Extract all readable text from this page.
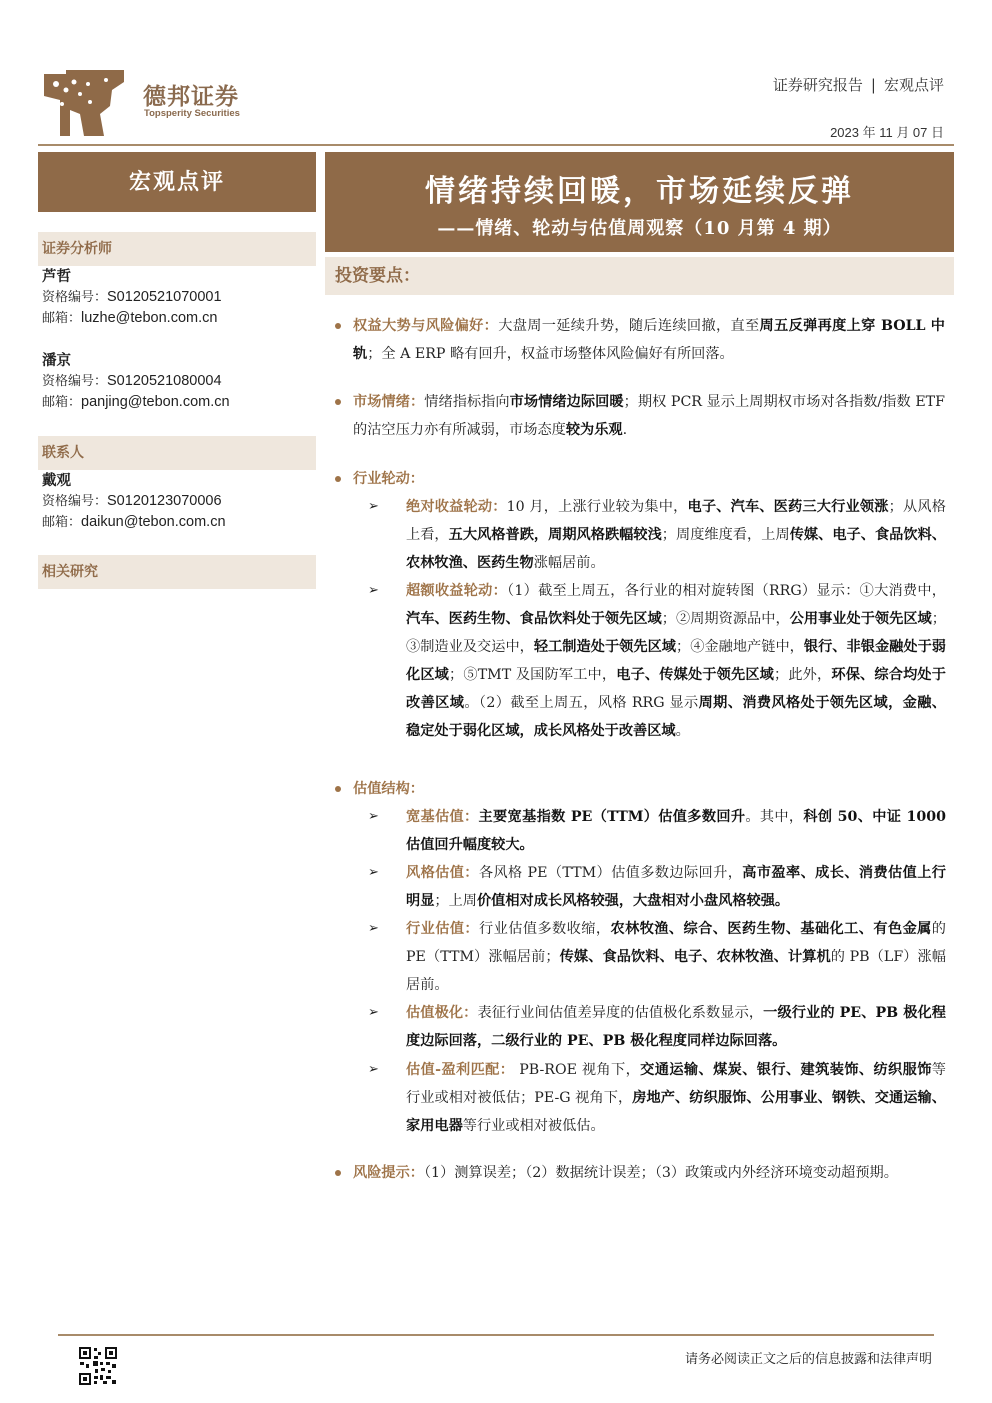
德邦证券
Topsperity Securities
证券研究报告 | 宏观点评
2023 年 11 月 07 日
宏观点评
证券分析师
芦哲
资格编号：S0120521070001
邮箱：luzhe@tebon.com.cn
潘京
资格编号：S0120521080004
邮箱：panjing@tebon.com.cn
联系人
戴观
资格编号：S0120123070006
邮箱：daikun@tebon.com.cn
相关研究
情绪持续回暖，市场延续反弹
——情绪、轮动与估值周观察（10 月第 4 期）
投资要点：
权益大势与风险偏好：大盘周一延续升势，随后连续回撤，直至周五反弹再度上穿 BOLL 中轨；全 A ERP 略有回升，权益市场整体风险偏好有所回落。
市场情绪：情绪指标指向市场情绪边际回暖；期权 PCR 显示上周期权市场对各指数/指数 ETF 的沽空压力亦有所减弱，市场态度较为乐观.
行业轮动：
➢ 绝对收益轮动：10 月，上涨行业较为集中，电子、汽车、医药三大行业领涨；从风格上看，五大风格普跌，周期风格跌幅较浅；周度维度看，上周传媒、电子、食品饮料、农林牧渔、医药生物涨幅居前。
➢ 超额收益轮动：（1）截至上周五，各行业的相对旋转图（RRG）显示：①大消费中，汽车、医药生物、食品饮料处于领先区域；②周期资源品中，公用事业处于领先区域；③制造业及交运中，轻工制造处于领先区域；④金融地产链中，银行、非银金融处于弱化区域；⑤TMT 及国防军工中，电子、传媒处于领先区域；此外，环保、综合均处于改善区域。（2）截至上周五，风格 RRG 显示周期、消费风格处于领先区域，金融、稳定处于弱化区域，成长风格处于改善区域。
估值结构：
➢ 宽基估值：主要宽基指数 PE（TTM）估值多数回升。其中，科创 50、中证 1000 估值回升幅度较大。
➢ 风格估值：各风格 PE（TTM）估值多数边际回升，高市盈率、成长、消费估值上行明显；上周价值相对成长风格较强，大盘相对小盘风格较强。
➢ 行业估值：行业估值多数收缩，农林牧渔、综合、医药生物、基础化工、有色金属的 PE（TTM）涨幅居前；传媒、食品饮料、电子、农林牧渔、计算机的 PB（LF）涨幅居前。
➢ 估值极化：表征行业间估值差异度的估值极化系数显示，一级行业的 PE、PB 极化程度边际回落，二级行业的 PE、PB 极化程度同样边际回落。
➢ 估值-盈利匹配： PB-ROE 视角下，交通运输、煤炭、银行、建筑装饰、纺织服饰等行业或相对被低估；PE-G 视角下，房地产、纺织服饰、公用事业、钢铁、交通运输、家用电器等行业或相对被低估。
风险提示：（1）测算误差；（2）数据统计误差；（3）政策或内外经济环境变动超预期。
请务必阅读正文之后的信息披露和法律声明
